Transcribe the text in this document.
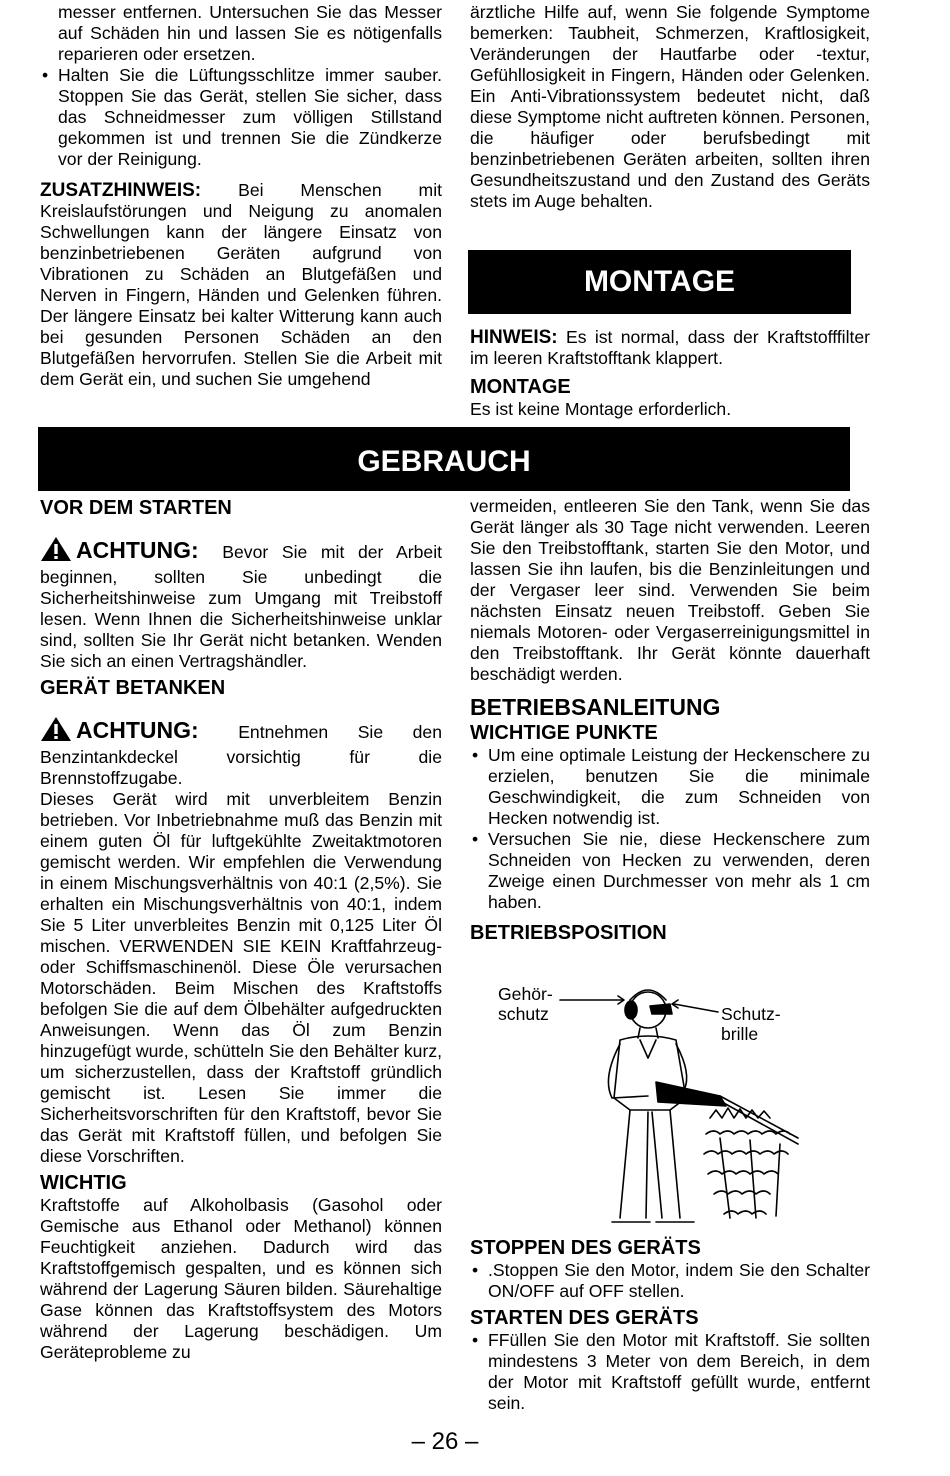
messer entfernen. Untersuchen Sie das Messer auf Schäden hin und lassen Sie es nötigenfalls reparieren oder ersetzen.

• Halten Sie die Lüftungsschlitze immer sauber. Stoppen Sie das Gerät, stellen Sie sicher, dass das Schneidmesser zum völligen Stillstand gekommen ist und trennen Sie die Zündkerze vor der Reinigung.

ZUSATZHINWEIS: Bei Menschen mit Kreislaufstörungen und Neigung zu anomalen Schwellungen kann der längere Einsatz von benzinbetriebenen Geräten aufgrund von Vibrationen zu Schäden an Blutgefäßen und Nerven in Fingern, Händen und Gelenken führen. Der längere Einsatz bei kalter Witterung kann auch bei gesunden Personen Schäden an den Blutgefäßen hervorrufen. Stellen Sie die Arbeit mit dem Gerät ein, und suchen Sie umgehend

ärztliche Hilfe auf, wenn Sie folgende Symptome bemerken: Taubheit, Schmerzen, Kraftlosigkeit, Veränderungen der Hautfarbe oder -textur, Gefühllosigkeit in Fingern, Händen oder Gelenken. Ein Anti-Vibrationssystem bedeutet nicht, daß diese Symptome nicht auftreten können. Personen, die häufiger oder berufsbedingt mit benzinbetriebenen Geräten arbeiten, sollten ihren Gesundheitszustand und den Zustand des Geräts stets im Auge behalten.

MONTAGE

HINWEIS: Es ist normal, dass der Kraftstofffilter im leeren Kraftstofftank klappert.

MONTAGE

Es ist keine Montage erforderlich.

GEBRAUCH

VOR DEM STARTEN

ACHTUNG: Bevor Sie mit der Arbeit beginnen, sollten Sie unbedingt die Sicherheitshinweise zum Umgang mit Treibstoff lesen. Wenn Ihnen die Sicherheitshinweise unklar sind, sollten Sie Ihr Gerät nicht betanken. Wenden Sie sich an einen Vertragshändler.

GERÄT BETANKEN

ACHTUNG: Entnehmen Sie den Benzintankdeckel vorsichtig für die Brennstoffzugabe.

Dieses Gerät wird mit unverbleitem Benzin betrieben. Vor Inbetriebnahme muß das Benzin mit einem guten Öl für luftgekühlte Zweitaktmotoren gemischt werden. Wir empfehlen die Verwendung in einem Mischungsverhältnis von 40:1 (2,5%). Sie erhalten ein Mischungsverhältnis von 40:1, indem Sie 5 Liter unverbleites Benzin mit 0,125 Liter Öl mischen. VERWENDEN SIE KEIN Kraftfahrzeug- oder Schiffsmaschinenöl. Diese Öle verursachen Motorschäden. Beim Mischen des Kraftstoffs befolgen Sie die auf dem Ölbehälter aufgedruckten Anweisungen. Wenn das Öl zum Benzin hinzugefügt wurde, schütteln Sie den Behälter kurz, um sicherzustellen, dass der Kraftstoff gründlich gemischt ist. Lesen Sie immer die Sicherheitsvorschriften für den Kraftstoff, bevor Sie das Gerät mit Kraftstoff füllen, und befolgen Sie diese Vorschriften.

WICHTIG

Kraftstoffe auf Alkoholbasis (Gasohol oder Gemische aus Ethanol oder Methanol) können Feuchtigkeit anziehen. Dadurch wird das Kraftstoffgemisch gespalten, und es können sich während der Lagerung Säuren bilden. Säurehaltige Gase können das Kraftstoffsystem des Motors während der Lagerung beschädigen. Um Geräteprobleme zu

vermeiden, entleeren Sie den Tank, wenn Sie das Gerät länger als 30 Tage nicht verwenden. Leeren Sie den Treibstofftank, starten Sie den Motor, und lassen Sie ihn laufen, bis die Benzinleitungen und der Vergaser leer sind. Verwenden Sie beim nächsten Einsatz neuen Treibstoff. Geben Sie niemals Motoren- oder Vergaserreinigungsmittel in den Treibstofftank. Ihr Gerät könnte dauerhaft beschädigt werden.

BETRIEBSANLEITUNG

WICHTIGE PUNKTE

• Um eine optimale Leistung der Heckenschere zu erzielen, benutzen Sie die minimale Geschwindigkeit, die zum Schneiden von Hecken notwendig ist.
• Versuchen Sie nie, diese Heckenschere zum Schneiden von Hecken zu verwenden, deren Zweige einen Durchmesser von mehr als 1 cm haben.

BETRIEBSPOSITION

Gehör-
schutz	Schutz-
brille

STOPPEN DES GERÄTS

• .Stoppen Sie den Motor, indem Sie den Schalter ON/OFF auf OFF stellen.

STARTEN DES GERÄTS

• FFüllen Sie den Motor mit Kraftstoff. Sie sollten mindestens 3 Meter von dem Bereich, in dem der Motor mit Kraftstoff gefüllt wurde, entfernt sein.
– 26 –
